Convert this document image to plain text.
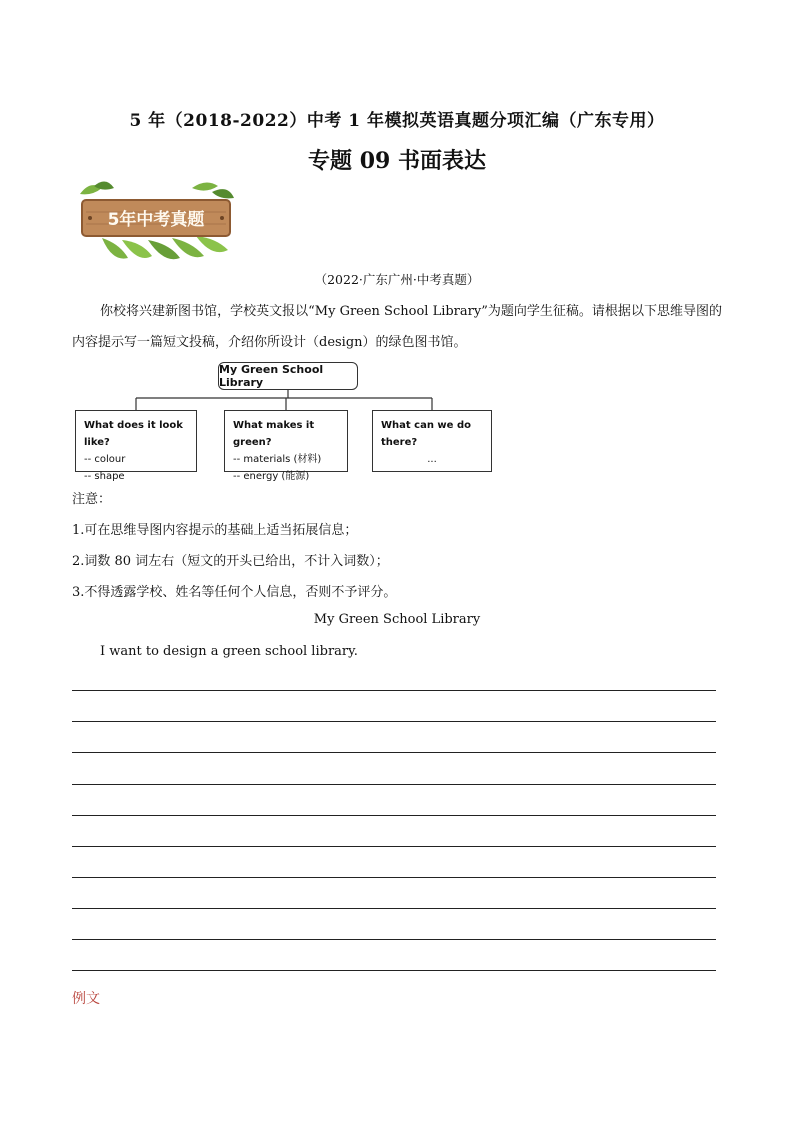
5 年（2018-2022）中考 1 年模拟英语真题分项汇编（广东专用）
专题 09 书面表达
5年中考真题
（2022·广东广州·中考真题）
你校将兴建新图书馆，学校英文报以“My Green School Library”为题向学生征稿。请根据以下思维导图的内容提示写一篇短文投稿，介绍你所设计（design）的绿色图书馆。
My Green School Library
What does it look like?
-- colour
-- shape
What makes it green?
-- materials (材料)
-- energy (能源)
What can we do there?
...
注意：
1.可在思维导图内容提示的基础上适当拓展信息；
2.词数 80 词左右（短文的开头已给出，不计入词数）；
3.不得透露学校、姓名等任何个人信息，否则不予评分。
My Green School Library
I want to design a green school library.
例文
